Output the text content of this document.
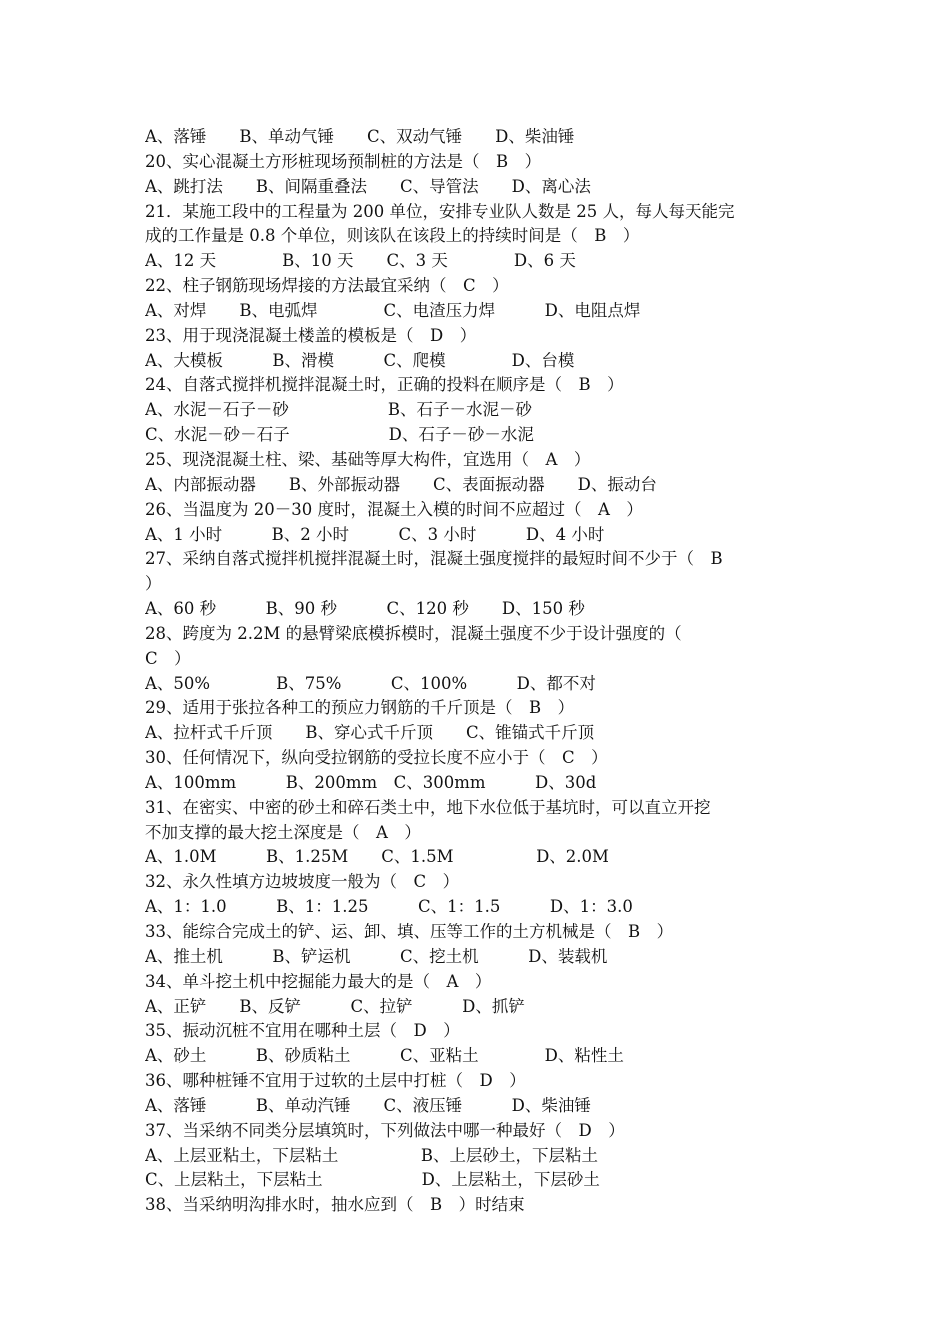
A、落锤　　B、单动气锤　　C、双动气锤　　D、柴油锤
20、实心混凝土方形桩现场预制桩的方法是（　B　）
A、跳打法　　B、间隔重叠法　　C、导管法　　D、离心法
21．某施工段中的工程量为 200 单位，安排专业队人数是 25 人，每人每天能完
成的工作量是 0.8 个单位，则该队在该段上的持续时间是（　B　）
A、12 天　　　　B、10 天　　C、3 天　　　　D、6 天
22、柱子钢筋现场焊接的方法最宜采纳（　C　）
A、对焊　　B、电弧焊　　　　C、电渣压力焊　　　D、电阻点焊
23、用于现浇混凝土楼盖的模板是（　D　）
A、大模板　　　B、滑模　　　C、爬模　　　　D、台模
24、自落式搅拌机搅拌混凝土时，正确的投料在顺序是（　B　）
A、水泥－石子－砂　　　　　　B、石子－水泥－砂
C、水泥－砂－石子　　　　　　D、石子－砂－水泥
25、现浇混凝土柱、梁、基础等厚大构件，宜选用（　A　）
A、内部振动器　　B、外部振动器　　C、表面振动器　　D、振动台
26、当温度为 20－30 度时，混凝土入模的时间不应超过（　A　）
A、1 小时　　　B、2 小时　　　C、3 小时　　　D、4 小时
27、采纳自落式搅拌机搅拌混凝土时，混凝土强度搅拌的最短时间不少于（　B
）
A、60 秒　　　B、90 秒　　　C、120 秒　　D、150 秒
28、跨度为 2.2M 的悬臂梁底模拆模时，混凝土强度不少于设计强度的（
C　）
A、50%　　　　B、75%　　　C、100%　　　D、都不对
29、适用于张拉各种工的预应力钢筋的千斤顶是（　B　）
A、拉杆式千斤顶　　B、穿心式千斤顶　　C、锥锚式千斤顶
30、任何情况下，纵向受拉钢筋的受拉长度不应小于（　C　）
A、100mm　　　B、200mm　C、300mm　　　D、30d
31、在密实、中密的砂土和碎石类土中，地下水位低于基坑时，可以直立开挖
不加支撑的最大挖土深度是（　A　）
A、1.0M　　　B、1.25M　　C、1.5M　　　　　D、2.0M
32、永久性填方边坡坡度一般为（　C　）
A、1：1.0　　　B、1：1.25　　　C、1：1.5　　　D、1：3.0
33、能综合完成土的铲、运、卸、填、压等工作的土方机械是（　B　）
A、推土机　　　B、铲运机　　　C、挖土机　　　D、装载机
34、单斗挖土机中挖掘能力最大的是（　A　）
A、正铲　　B、反铲　　　C、拉铲　　　D、抓铲
35、振动沉桩不宜用在哪种土层（　D　）
A、砂土　　　B、砂质粘土　　　C、亚粘土　　　　D、粘性土
36、哪种桩锤不宜用于过软的土层中打桩（　D　）
A、落锤　　　B、单动汽锤　　C、液压锤　　　D、柴油锤
37、当采纳不同类分层填筑时，下列做法中哪一种最好（　D　）
A、上层亚粘土，下层粘土　　　　　B、上层砂土，下层粘土
C、上层粘土，下层粘土　　　　　　D、上层粘土，下层砂土
38、当采纳明沟排水时，抽水应到（　B　）时结束
